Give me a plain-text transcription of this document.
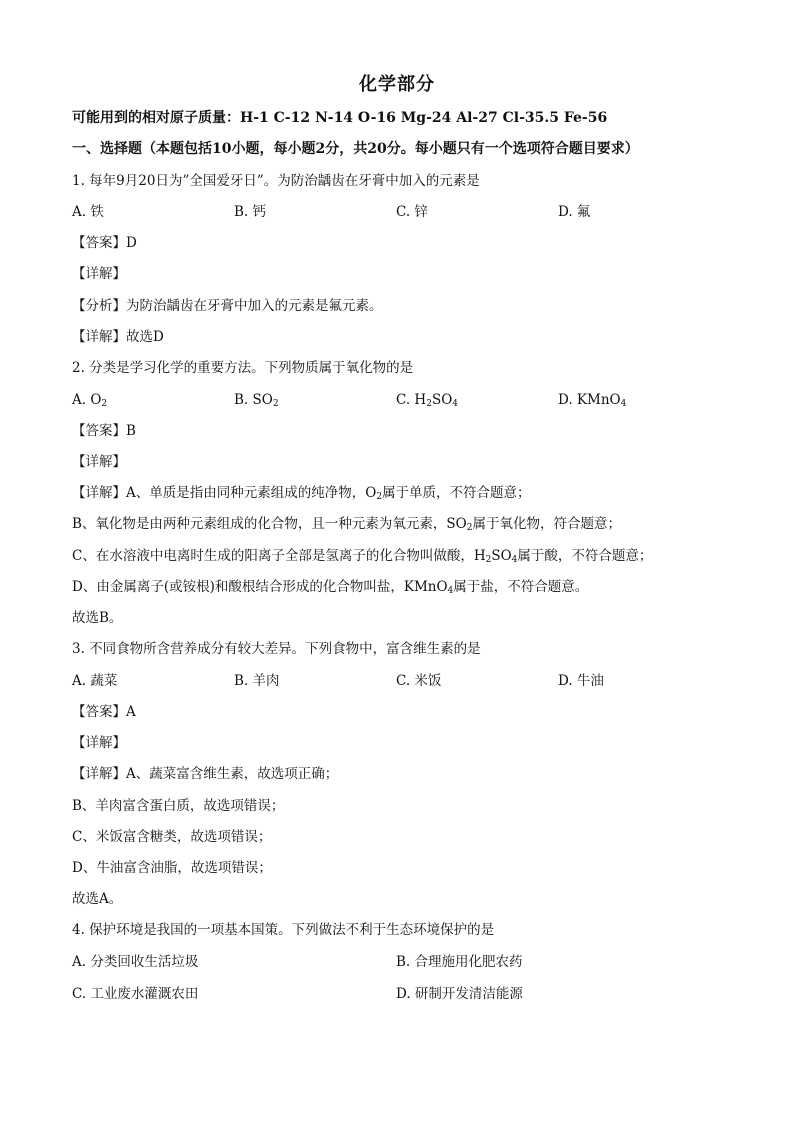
化学部分
可能用到的相对原子质量：H-1 C-12 N-14 O-16 Mg-24 Al-27 Cl-35.5 Fe-56
一、选择题（本题包括10小题，每小题2分，共20分。每小题只有一个选项符合题目要求）
1. 每年9月20日为”全国爱牙日”。为防治龋齿在牙膏中加入的元素是
A. 铁	B. 钙	C. 锌	D. 氟
【答案】D
【详解】
【分析】为防治龋齿在牙膏中加入的元素是氟元素。
【详解】故选D
2. 分类是学习化学的重要方法。下列物质属于氧化物的是
A. $O_2$	B. $SO_2$	C. $H_2SO_4$	D. KMnO$_4$
【答案】B
【详解】
【详解】A、单质是指由同种元素组成的纯净物，$O_2$属于单质，不符合题意；
B、氧化物是由两种元素组成的化合物，且一种元素为氧元素，$SO_2$属于氧化物，符合题意；
C、在水溶液中电离时生成的阳离子全部是氢离子的化合物叫做酸，$H_2SO_4$属于酸，不符合题意；
D、由金属离子(或铵根)和酸根结合形成的化合物叫盐，KMnO$_4$属于盐，不符合题意。
故选B。
3. 不同食物所含营养成分有较大差异。下列食物中，富含维生素的是
A. 蔬菜	B. 羊肉	C. 米饭	D. 牛油
【答案】A
【详解】
【详解】A、蔬菜富含维生素，故选项正确；
B、羊肉富含蛋白质，故选项错误；
C、米饭富含糖类，故选项错误；
D、牛油富含油脂，故选项错误；
故选A。
4. 保护环境是我国的一项基本国策。下列做法不利于生态环境保护的是
A. 分类回收生活垃圾	B. 合理施用化肥农药
C. 工业废水灌溉农田	D. 研制开发清洁能源
